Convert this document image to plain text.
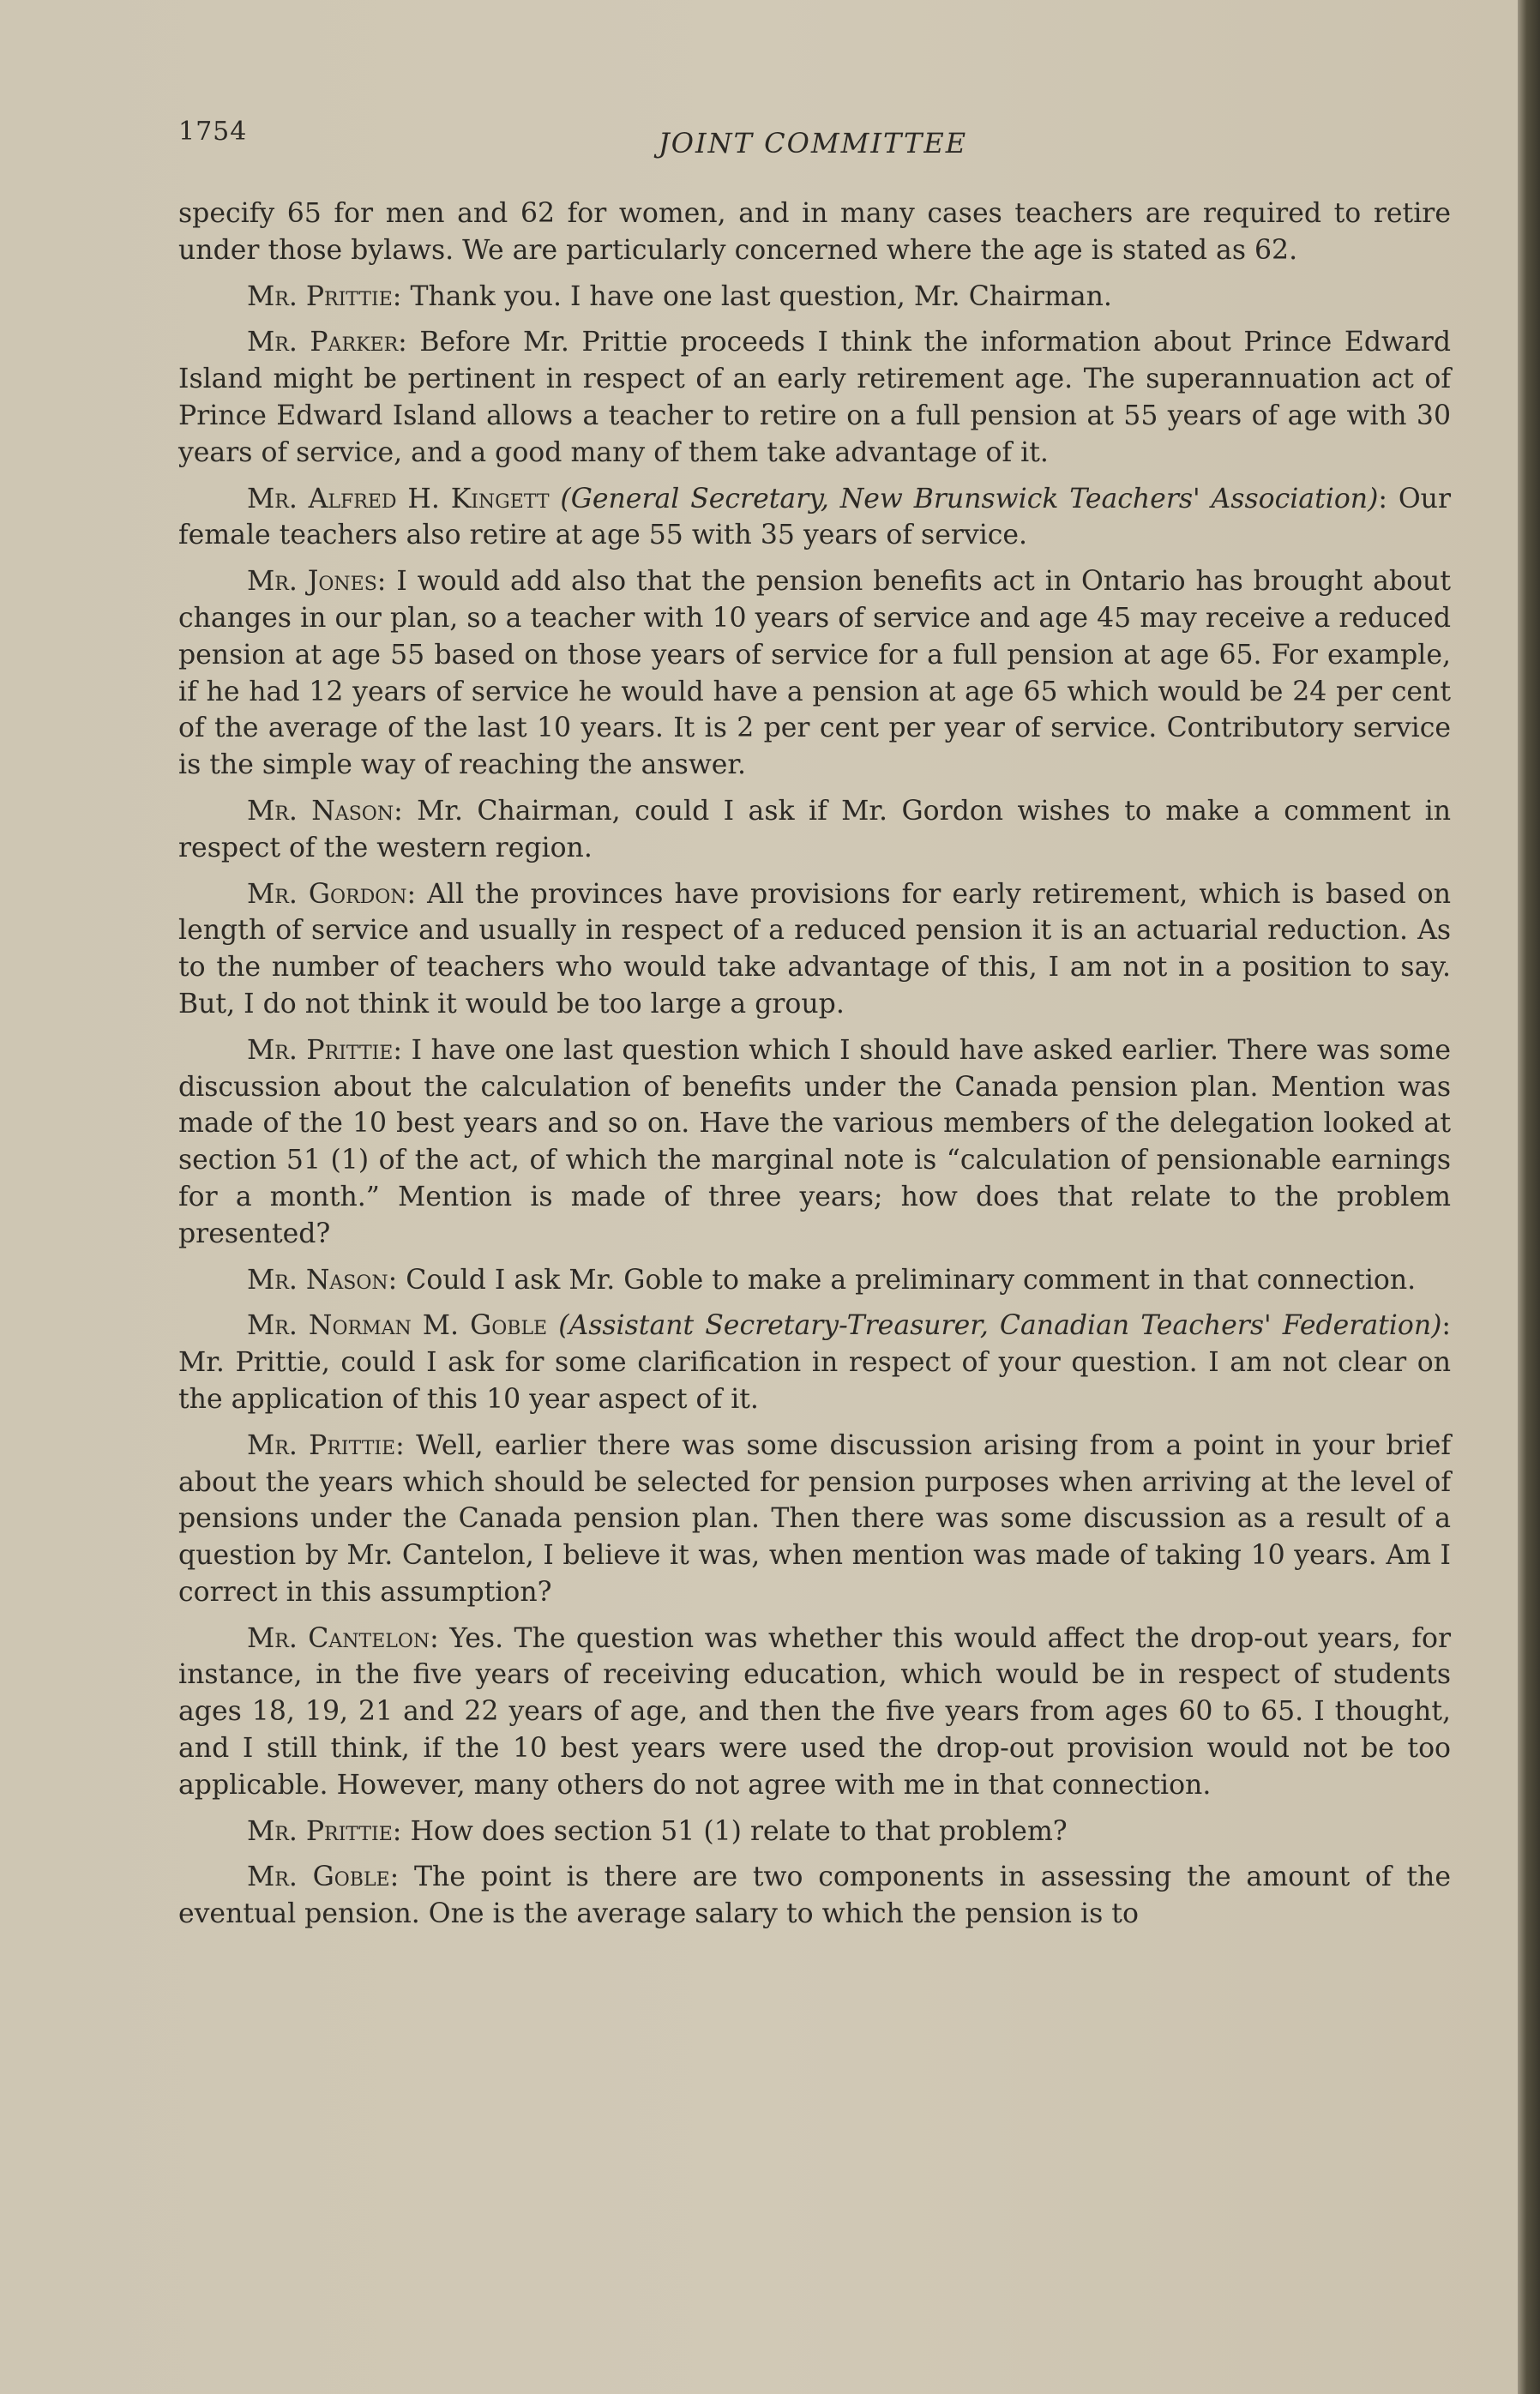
1754	JOINT COMMITTEE

specify 65 for men and 62 for women, and in many cases teachers are required to retire under those bylaws. We are particularly concerned where the age is stated as 62.

Mr. Prittie: Thank you. I have one last question, Mr. Chairman.

Mr. Parker: Before Mr. Prittie proceeds I think the information about Prince Edward Island might be pertinent in respect of an early retirement age. The superannuation act of Prince Edward Island allows a teacher to retire on a full pension at 55 years of age with 30 years of service, and a good many of them take advantage of it.

Mr. Alfred H. Kingett (General Secretary, New Brunswick Teachers' Association): Our female teachers also retire at age 55 with 35 years of service.

Mr. Jones: I would add also that the pension benefits act in Ontario has brought about changes in our plan, so a teacher with 10 years of service and age 45 may receive a reduced pension at age 55 based on those years of service for a full pension at age 65. For example, if he had 12 years of service he would have a pension at age 65 which would be 24 per cent of the average of the last 10 years. It is 2 per cent per year of service. Contributory service is the simple way of reaching the answer.

Mr. Nason: Mr. Chairman, could I ask if Mr. Gordon wishes to make a comment in respect of the western region.

Mr. Gordon: All the provinces have provisions for early retirement, which is based on length of service and usually in respect of a reduced pension it is an actuarial reduction. As to the number of teachers who would take advantage of this, I am not in a position to say. But, I do not think it would be too large a group.

Mr. Prittie: I have one last question which I should have asked earlier. There was some discussion about the calculation of benefits under the Canada pension plan. Mention was made of the 10 best years and so on. Have the various members of the delegation looked at section 51 (1) of the act, of which the marginal note is “calculation of pensionable earnings for a month.” Mention is made of three years; how does that relate to the problem presented?

Mr. Nason: Could I ask Mr. Goble to make a preliminary comment in that connection.

Mr. Norman M. Goble (Assistant Secretary-Treasurer, Canadian Teachers' Federation): Mr. Prittie, could I ask for some clarification in respect of your question. I am not clear on the application of this 10 year aspect of it.

Mr. Prittie: Well, earlier there was some discussion arising from a point in your brief about the years which should be selected for pension purposes when arriving at the level of pensions under the Canada pension plan. Then there was some discussion as a result of a question by Mr. Cantelon, I believe it was, when mention was made of taking 10 years. Am I correct in this assumption?

Mr. Cantelon: Yes. The question was whether this would affect the drop-out years, for instance, in the five years of receiving education, which would be in respect of students ages 18, 19, 21 and 22 years of age, and then the five years from ages 60 to 65. I thought, and I still think, if the 10 best years were used the drop-out provision would not be too applicable. However, many others do not agree with me in that connection.

Mr. Prittie: How does section 51 (1) relate to that problem?

Mr. Goble: The point is there are two components in assessing the amount of the eventual pension. One is the average salary to which the pension is to
